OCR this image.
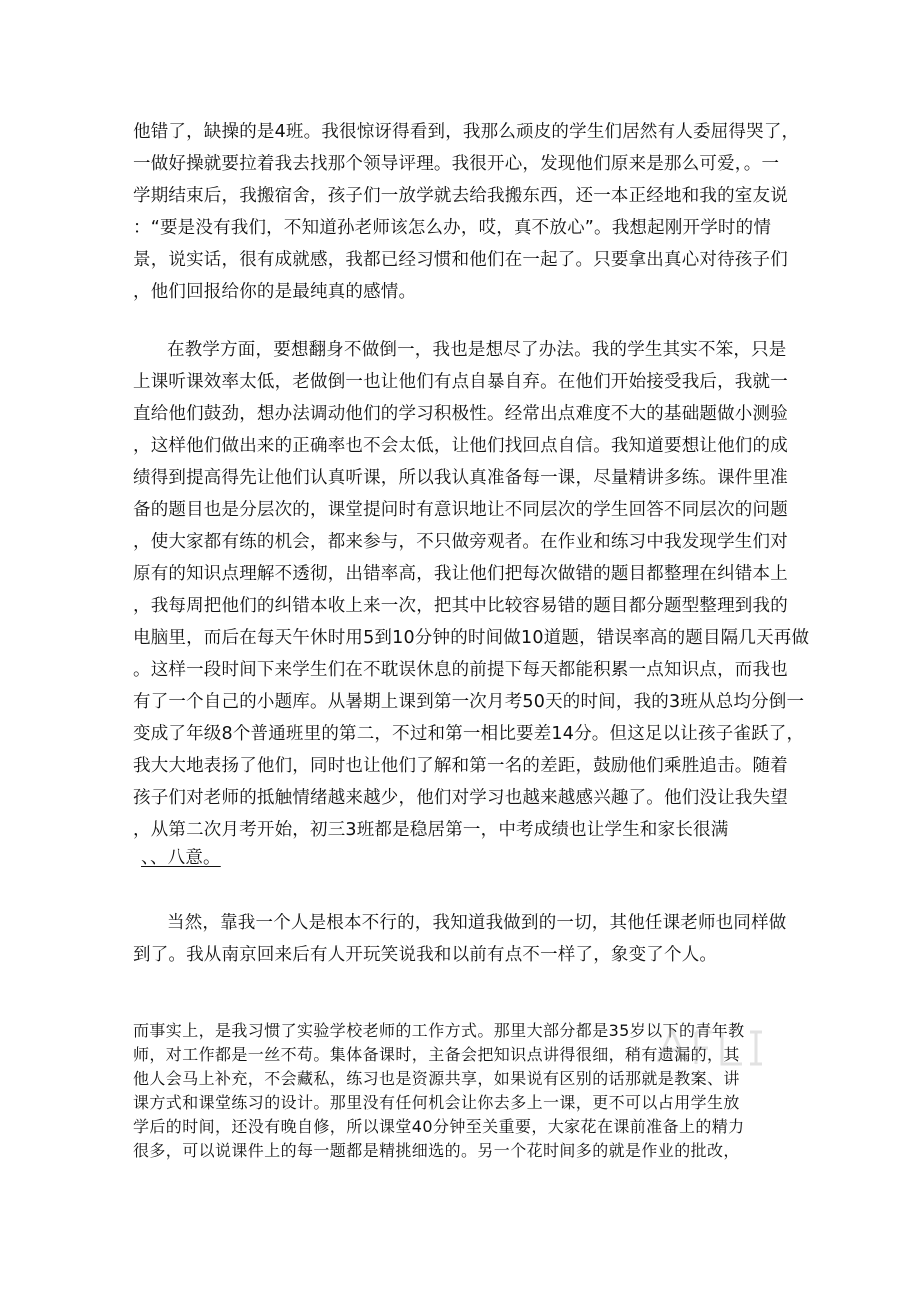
他错了，缺操的是4班。我很惊讶得看到，我那么顽皮的学生们居然有人委屈得哭了，
一做好操就要拉着我去找那个领导评理。我很开心，发现他们原来是那么可爱，。一
学期结束后，我搬宿舍，孩子们一放学就去给我搬东西，还一本正经地和我的室友说
：“要是没有我们，不知道孙老师该怎么办，哎，真不放心”。我想起刚开学时的情
景，说实话，很有成就感，我都已经习惯和他们在一起了。只要拿出真心对待孩子们
，他们回报给你的是最纯真的感情。
在教学方面，要想翻身不做倒一，我也是想尽了办法。我的学生其实不笨，只是
上课听课效率太低，老做倒一也让他们有点自暴自弃。在他们开始接受我后，我就一
直给他们鼓劲，想办法调动他们的学习积极性。经常出点难度不大的基础题做小测验
，这样他们做出来的正确率也不会太低，让他们找回点自信。我知道要想让他们的成
绩得到提高得先让他们认真听课，所以我认真准备每一课，尽量精讲多练。课件里准
备的题目也是分层次的，课堂提问时有意识地让不同层次的学生回答不同层次的问题
，使大家都有练的机会，都来参与，不只做旁观者。在作业和练习中我发现学生们对
原有的知识点理解不透彻，出错率高，我让他们把每次做错的题目都整理在纠错本上
，我每周把他们的纠错本收上来一次，把其中比较容易错的题目都分题型整理到我的
电脑里，而后在每天午休时用5到10分钟的时间做10道题，错误率高的题目隔几天再做
。这样一段时间下来学生们在不耽误休息的前提下每天都能积累一点知识点，而我也
有了一个自己的小题库。从暑期上课到第一次月考50天的时间，我的3班从总均分倒一
变成了年级8个普通班里的第二，不过和第一相比要差14分。但这足以让孩子雀跃了，
我大大地表扬了他们，同时也让他们了解和第一名的差距，鼓励他们乘胜追击。随着
孩子们对老师的抵触情绪越来越少，他们对学习也越来越感兴趣了。他们没让我失望
，从第二次月考开始，初三3班都是稳居第一，中考成绩也让学生和家长很满
、、八意。
当然，靠我一个人是根本不行的，我知道我做到的一切，其他任课老师也同样做
到了。我从南京回来后有人开玩笑说我和以前有点不一样了，象变了个人。
而事实上，是我习惯了实验学校老师的工作方式。那里大部分都是35岁以下的青年教
师，对工作都是一丝不苟。集体备课时，主备会把知识点讲得很细，稍有遗漏的，其
他人会马上补充，不会藏私，练习也是资源共享，如果说有区别的话那就是教案、讲
课方式和课堂练习的设计。那里没有任何机会让你去多上一课，更不可以占用学生放
学后的时间，还没有晚自修，所以课堂40分钟至关重要，大家花在课前准备上的精力
很多，可以说课件上的每一题都是精挑细选的。另一个花时间多的就是作业的批改，
